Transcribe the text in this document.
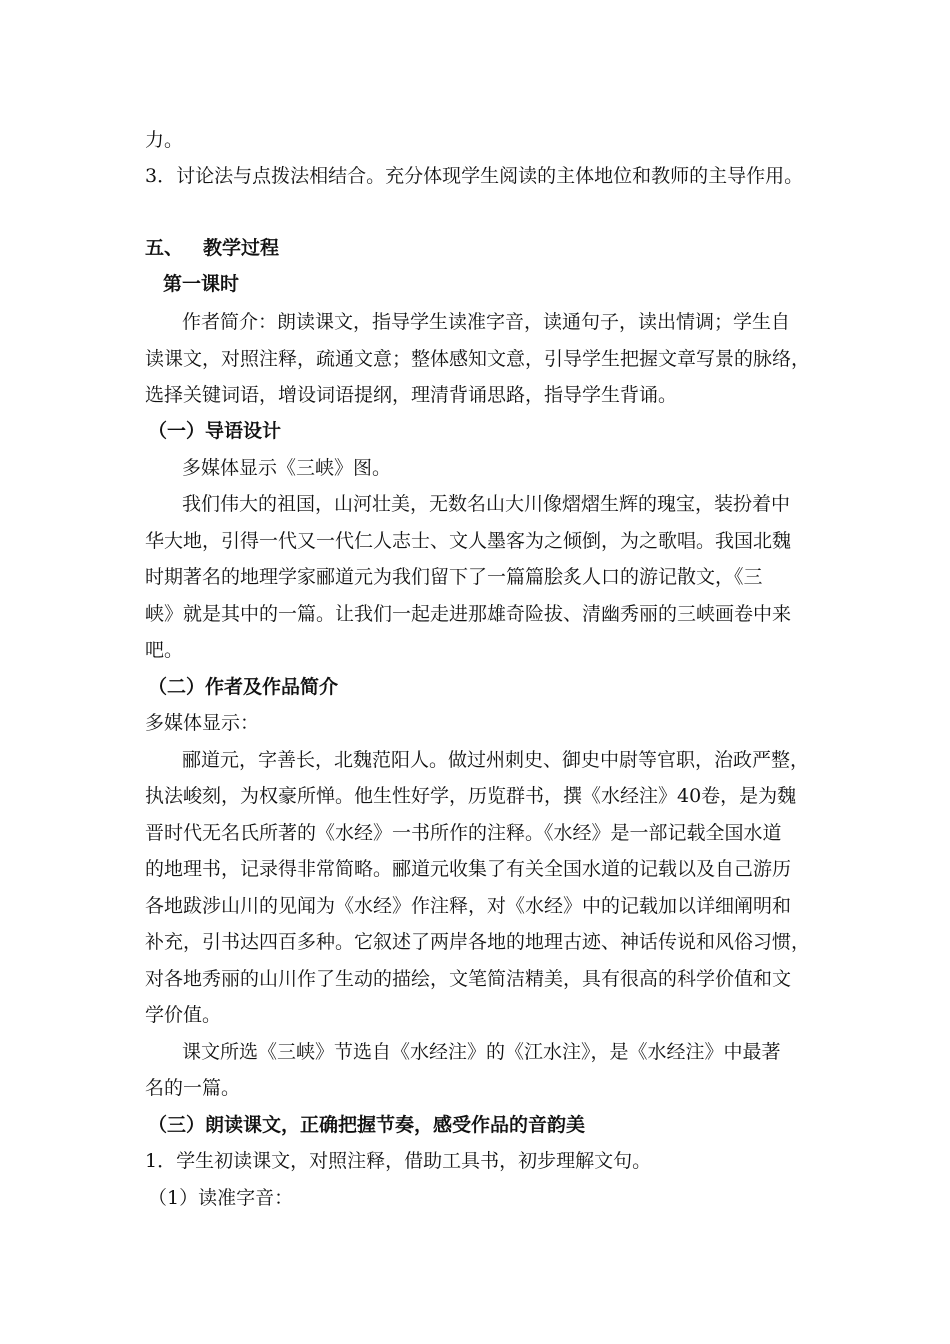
力。
3．讨论法与点拨法相结合。充分体现学生阅读的主体地位和教师的主导作用。
五、 教学过程
第一课时
作者简介：朗读课文，指导学生读准字音，读通句子，读出情调；学生自
读课文，对照注释，疏通文意；整体感知文意，引导学生把握文章写景的脉络，
选择关键词语，增设词语提纲，理清背诵思路，指导学生背诵。
（一）导语设计
多媒体显示《三峡》图。
我们伟大的祖国，山河壮美，无数名山大川像熠熠生辉的瑰宝，装扮着中
华大地，引得一代又一代仁人志士、文人墨客为之倾倒，为之歌唱。我国北魏
时期著名的地理学家郦道元为我们留下了一篇篇脍炙人口的游记散文，《三
峡》就是其中的一篇。让我们一起走进那雄奇险拔、清幽秀丽的三峡画卷中来
吧。
（二）作者及作品简介
多媒体显示：
郦道元，字善长，北魏范阳人。做过州刺史、御史中尉等官职，治政严整，
执法峻刻，为权豪所惮。他生性好学，历览群书，撰《水经注》40卷，是为魏
晋时代无名氏所著的《水经》一书所作的注释。《水经》是一部记载全国水道
的地理书，记录得非常简略。郦道元收集了有关全国水道的记载以及自己游历
各地跋涉山川的见闻为《水经》作注释，对《水经》中的记载加以详细阐明和
补充，引书达四百多种。它叙述了两岸各地的地理古迹、神话传说和风俗习惯，
对各地秀丽的山川作了生动的描绘，文笔简洁精美，具有很高的科学价值和文
学价值。
课文所选《三峡》节选自《水经注》的《江水注》，是《水经注》中最著
名的一篇。
（三）朗读课文，正确把握节奏，感受作品的音韵美
1．学生初读课文，对照注释，借助工具书，初步理解文句。
（1）读准字音：
